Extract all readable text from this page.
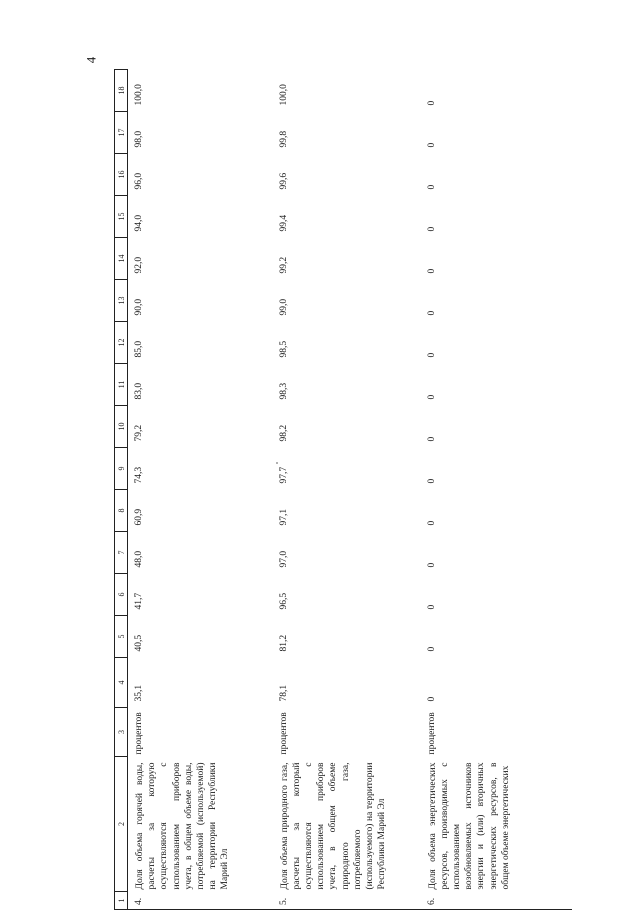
4
1	2	3	4	5	6	7	8	9	10	11	12	13	14	15	16	17	18
4.	Доля объема горячей воды, расчеты за которую осуществляются с использованием приборов учета, в общем объеме воды, потребляемой (используемой) на территории Республики Марий Эл	процентов	35,1	40,5	41,7	48,0	60,9	74,3	79,2	83,0	85,0	90,0	92,0	94,0	96,0	98,0	100,0
5.	Доля объема природного газа, расчеты за который осуществляются с использованием приборов учета, в общем объеме природного газа, потребляемого (используемого) на территории Республики Марий Эл	процентов	78,1	81,2	96,5	97,0	97,1	97,7	98,2	98,3	98,5	99,0	99,2	99,4	99,6	99,8	100,0
6.	Доля объема энергетических ресурсов, производимых с использованием возобновляемых источников энергии и (или) вторичных энергетических ресурсов, в общем объеме энергетических	процентов	0	0	0	0	0	0	0	0	0	0	0	0	0	0	0
